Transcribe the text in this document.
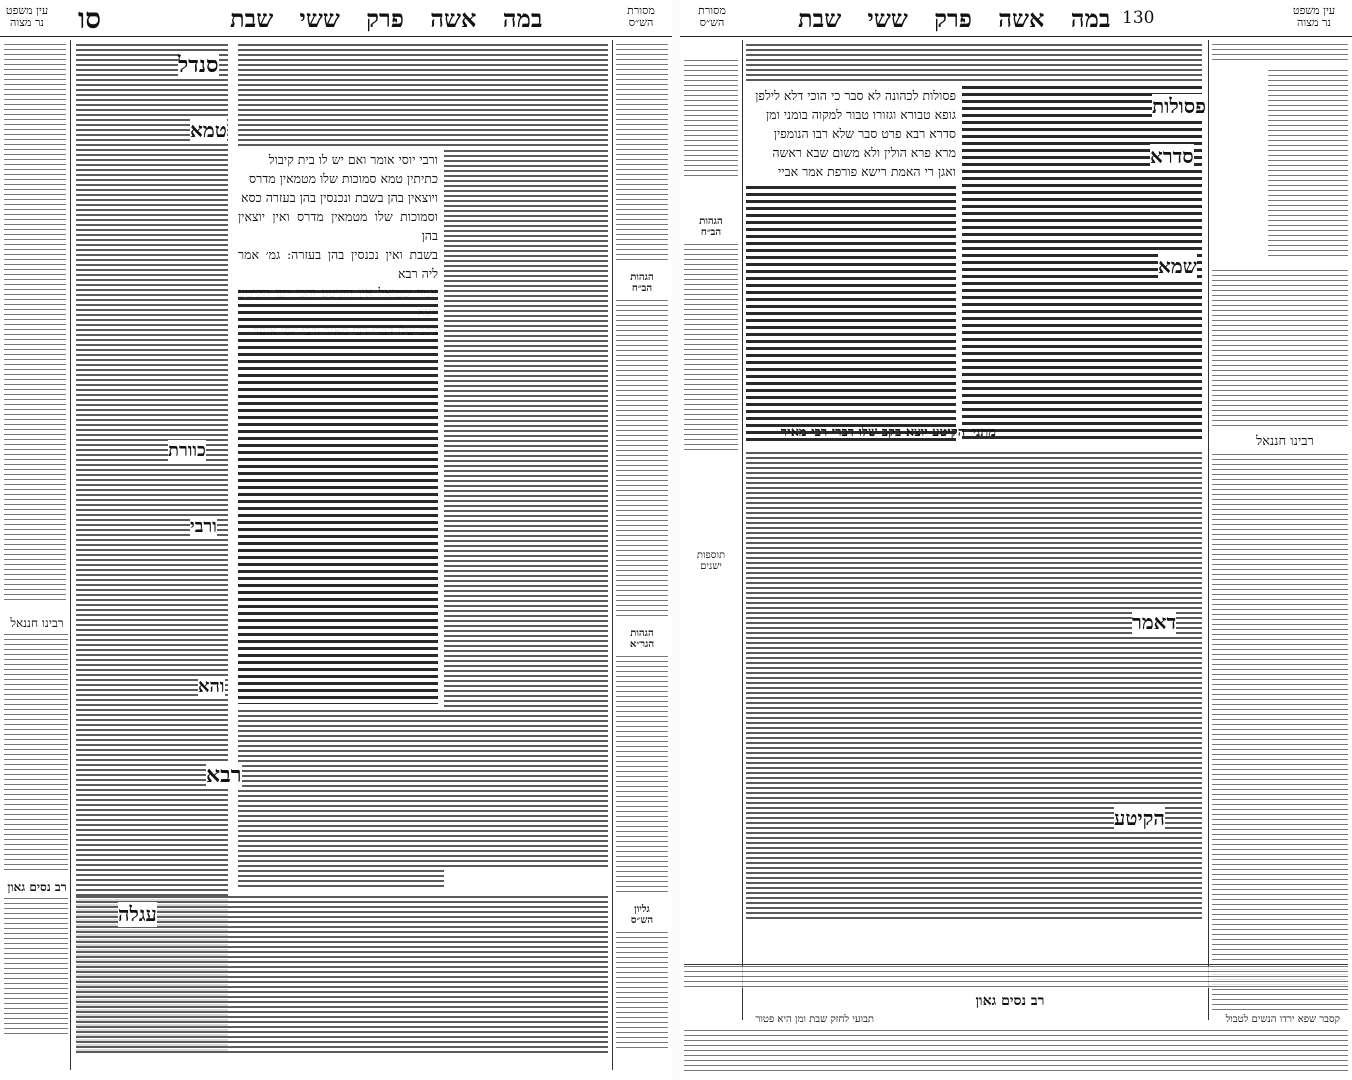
עין משפט
נר מצוה	סו	במה אשה פרק ששי שבת	מסורת
הש״ס
רבינו חננאל
רב נסים גאון
סנדל
טמא
כוורת
ורבי
והא
ורבי יוסי אומר ואם יש לו בית קיבול
כתיתין טמא סמוכות שלו מטמאין מדרס
ויוצאין בהן בשבת ונכנסין בהן בעזרה כסא
וסמוכות שלו מטמאין מדרס ואין יוצאין בהן
בשבת ואין נכנסין בהן בעזרה: גמ׳ אמר ליה רבא
רבא
עגלה
הגהות
הב״ח
הגהות
הגר״א
גליון
הש״ס
מסורת
הש״ס	במה אשה פרק ששי שבת 130	עין משפט
נר מצוה
הגהות
הב״ח
תוספות
ישנים
פסולות לכהונה לא סבר כי הוכי דלא לילפן
גופא טבורא וגזורו טבור למקוה בומני ומן
סדרא רבא פרט סבר שלא רבו הנומפין
מרא פרא הולין ולא משום שבא ראשה
ואגן רי האמת רישא פורפת אמר אביי
מתני׳ הקיטע יוצא בקב שלו דברי רבי מאיר
פסולות
סדרא
שמא
דאמר
הקיטע
רבינו חננאל
רב נסים גאון
קסבר שפא ירדו הנשים לטבול
תבועי לחזק שבת ומן היא פטור
